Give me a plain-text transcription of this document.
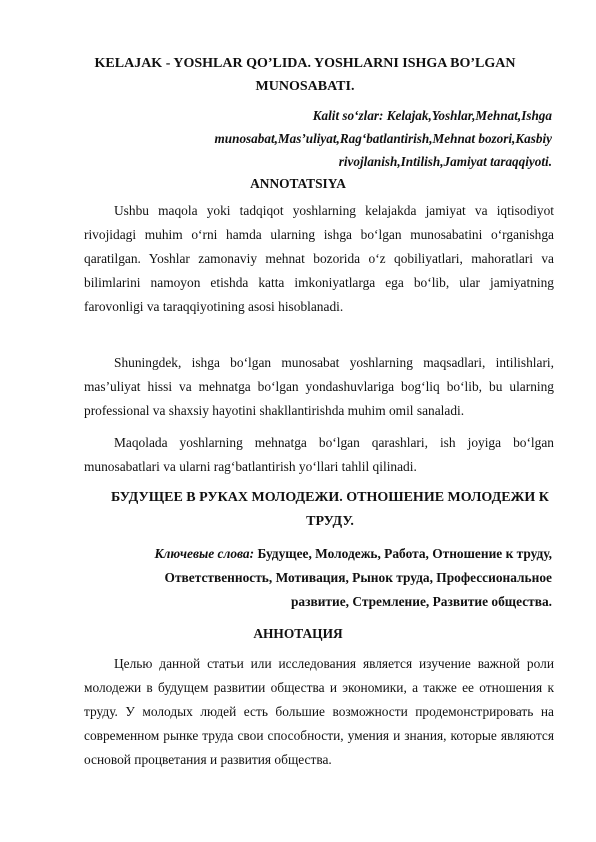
KELAJAK - YOSHLAR QO’LIDA. YOSHLARNI ISHGA BO’LGAN MUNOSABATI.
Kalit so‘zlar: Kelajak,Yoshlar,Mehnat,Ishga munosabat,Mas’uliyat,Rag‘batlantirish,Mehnat bozori,Kasbiy rivojlanish,Intilish,Jamiyat taraqqiyoti.
ANNOTATSIYA

Ushbu maqola yoki tadqiqot yoshlarning kelajakda jamiyat va iqtisodiyot rivojidagi muhim o‘rni hamda ularning ishga bo‘lgan munosabatini o‘rganishga qaratilgan. Yoshlar zamonaviy mehnat bozorida o‘z qobiliyatlari, mahoratlari va bilimlarini namoyon etishda katta imkoniyatlarga ega bo‘lib, ular jamiyatning farovonligi va taraqqiyotining asosi hisoblanadi.

Shuningdek, ishga bo‘lgan munosabat yoshlarning maqsadlari, intilishlari, mas’uliyat hissi va mehnatga bo‘lgan yondashuvlariga bog‘liq bo‘lib, bu ularning professional va shaxsiy hayotini shakllantirishda muhim omil sanaladi.

Maqolada yoshlarning mehnatga bo‘lgan qarashlari, ish joyiga bo‘lgan munosabatlari va ularni rag‘batlantirish yo‘llari tahlil qilinadi.

БУДУЩЕЕ В РУКАХ МОЛОДЕЖИ. ОТНОШЕНИЕ МОЛОДЕЖИ К ТРУДУ.
Ключевые слова: Будущее, Молодежь, Работа, Отношение к труду, Ответственность, Мотивация, Рынок труда, Профессиональное развитие, Стремление, Развитие общества.
АННОТАЦИЯ

Целью данной статьи или исследования является изучение важной роли молодежи в будущем развитии общества и экономики, а также ее отношения к труду. У молодых людей есть большие возможности продемонстрировать на современном рынке труда свои способности, умения и знания, которые являются основой процветания и развития общества.
